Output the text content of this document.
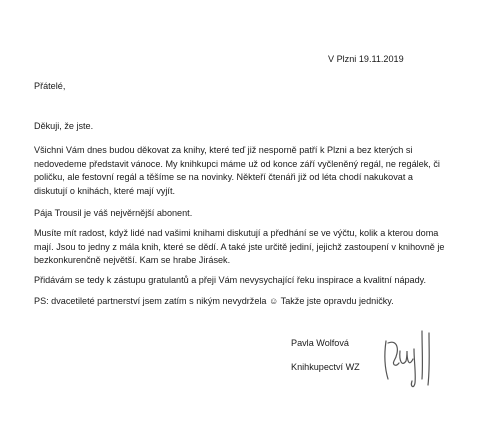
V Plzni 19.11.2019
Přátelé,
Děkuji, že jste.
Všichni Vám dnes budou děkovat za knihy, které teď již nesporně patří k Plzni a bez kterých si
nedovedeme představit vánoce. My knihkupci máme už od konce září vyčleněný regál, ne regálek, či
poličku, ale festovní regál a těšíme se na novinky. Někteří čtenáři již od léta chodí nakukovat a
diskutují o knihách, které mají vyjít.
Pája Trousil je váš nejvěrnější abonent.
Musíte mít radost, když lidé nad vašimi knihami diskutují a předhání se ve výčtu, kolik a kterou doma
mají. Jsou to jedny z mála knih, které se dědí. A také jste určitě jediní, jejichž zastoupení v knihovně je
bezkonkurenčně největší. Kam se hrabe Jirásek.
Přidávám se tedy k zástupu gratulantů a přeji Vám nevysychající řeku inspirace a kvalitní nápady.
PS: dvacetileté partnerství jsem zatím s nikým nevydržela ☺ Takže jste opravdu jedničky.
Pavla Wolfová
Knihkupectví WZ
